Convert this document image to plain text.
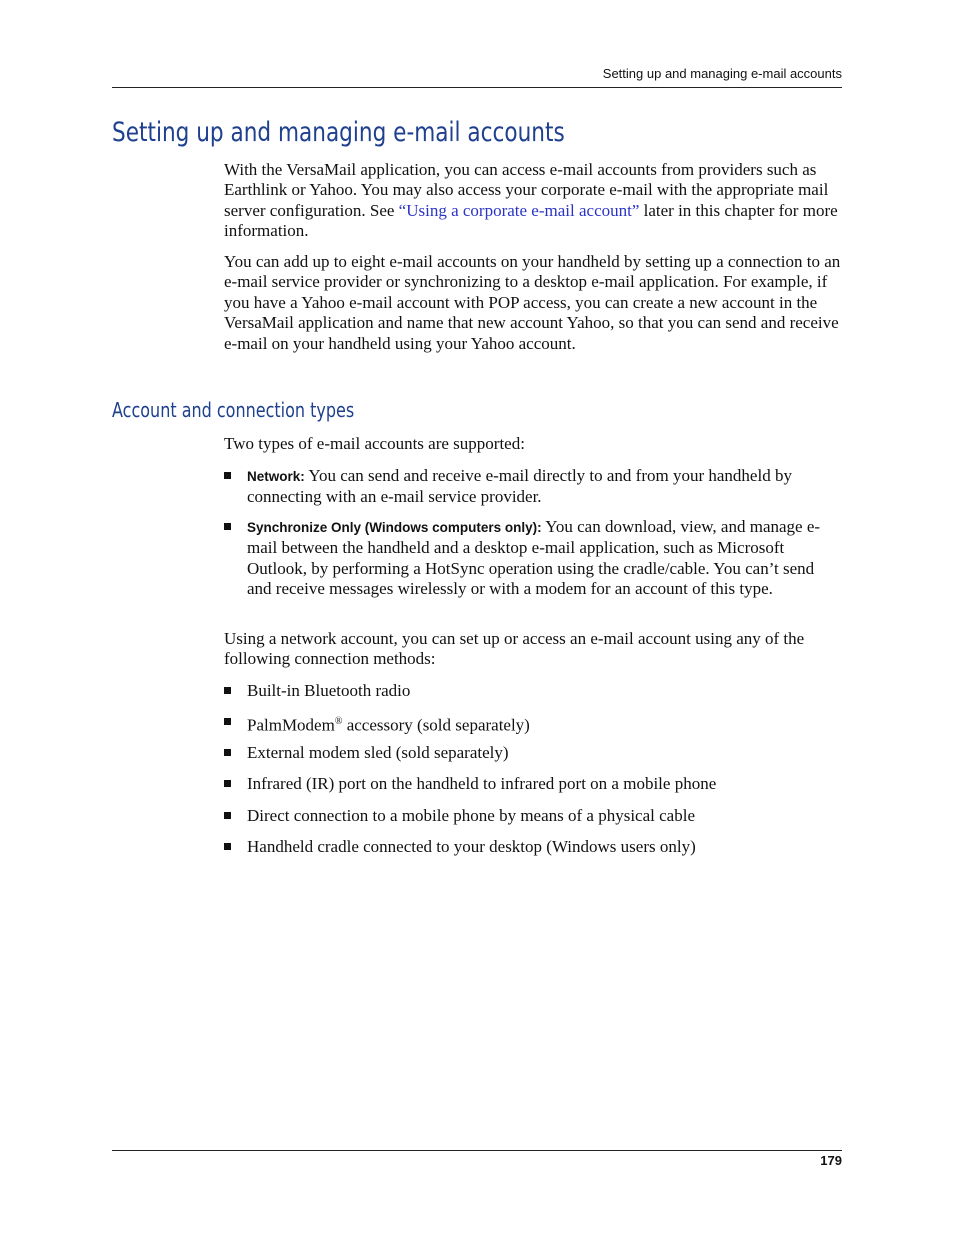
Setting up and managing e-mail accounts
Setting up and managing e-mail accounts

With the VersaMail application, you can access e-mail accounts from providers such as Earthlink or Yahoo. You may also access your corporate e-mail with the appropriate mail server configuration. See “Using a corporate e-mail account” later in this chapter for more information.

You can add up to eight e-mail accounts on your handheld by setting up a connection to an e-mail service provider or synchronizing to a desktop e-mail application. For example, if you have a Yahoo e-mail account with POP access, you can create a new account in the VersaMail application and name that new account Yahoo, so that you can send and receive e-mail on your handheld using your Yahoo account.

Account and connection types

Two types of e-mail accounts are supported:

Network: You can send and receive e-mail directly to and from your handheld by connecting with an e-mail service provider.
Synchronize Only (Windows computers only): You can download, view, and manage e-mail between the handheld and a desktop e-mail application, such as Microsoft Outlook, by performing a HotSync operation using the cradle/cable. You can’t send and receive messages wirelessly or with a modem for an account of this type.

Using a network account, you can set up or access an e-mail account using any of the following connection methods:

Built-in Bluetooth radio
PalmModem® accessory (sold separately)
External modem sled (sold separately)
Infrared (IR) port on the handheld to infrared port on a mobile phone
Direct connection to a mobile phone by means of a physical cable
Handheld cradle connected to your desktop (Windows users only)
179
